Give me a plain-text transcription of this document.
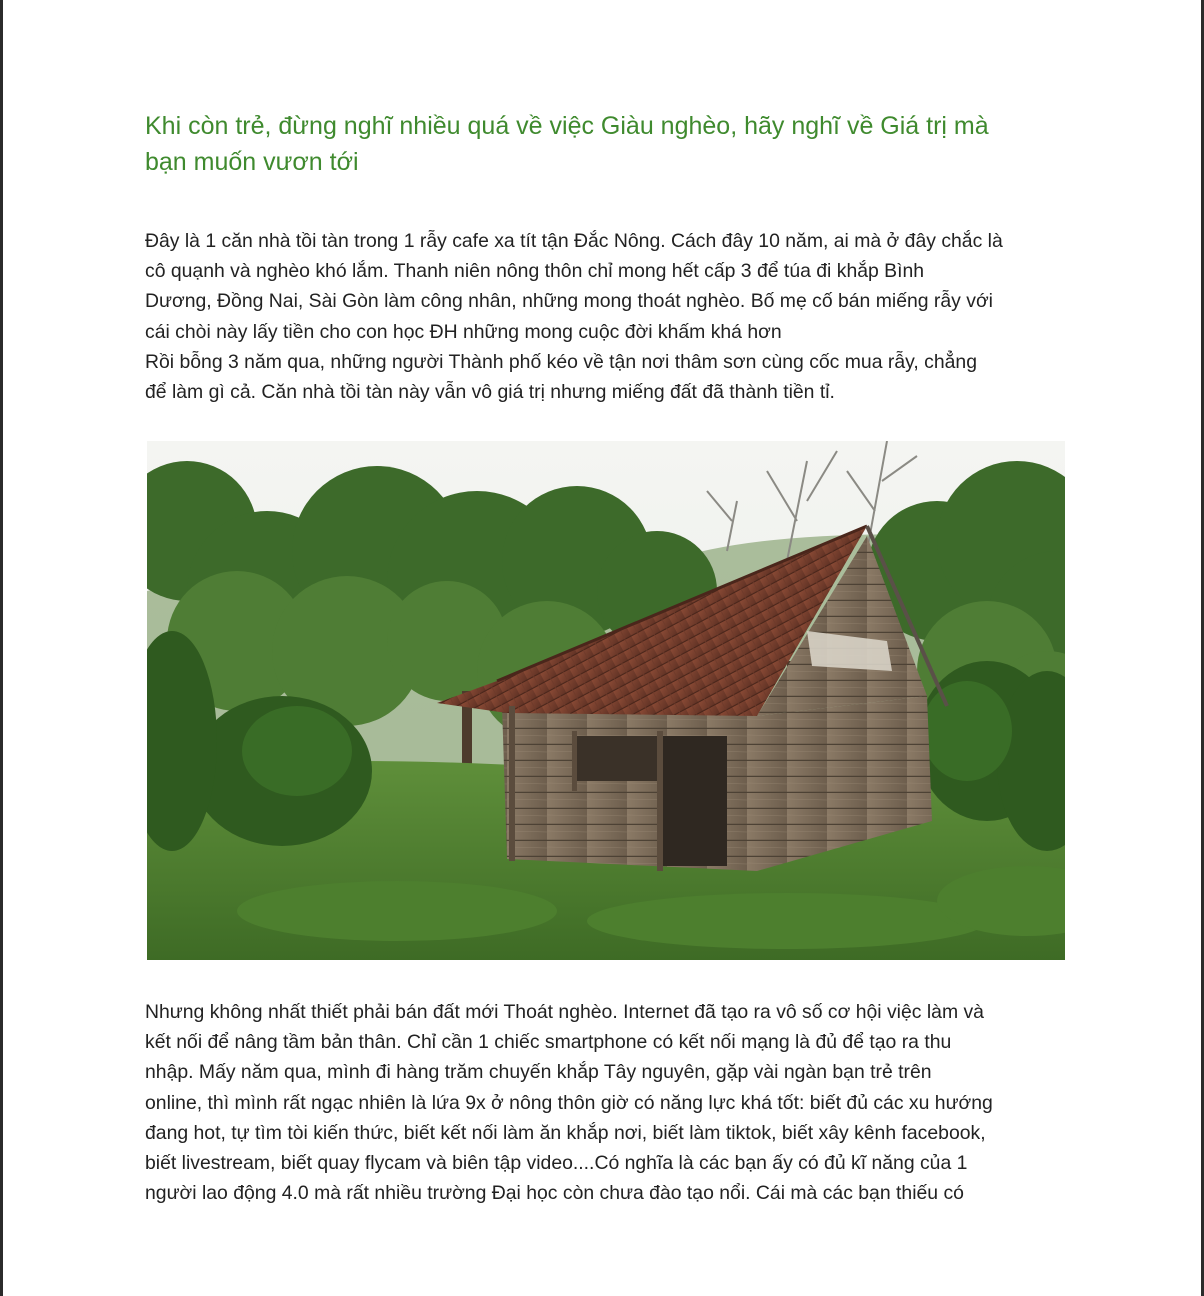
Khi còn trẻ, đừng nghĩ nhiều quá về việc Giàu nghèo, hãy nghĩ về Giá trị mà
bạn muốn vươn tới

Đây là 1 căn nhà tồi tàn trong 1 rẫy cafe xa tít tận Đắc Nông. Cách đây 10 năm, ai mà ở đây chắc là
cô quạnh và nghèo khó lắm. Thanh niên nông thôn chỉ mong hết cấp 3 để túa đi khắp Bình
Dương, Đồng Nai, Sài Gòn làm công nhân, những mong thoát nghèo. Bố mẹ cố bán miếng rẫy với
cái chòi này lấy tiền cho con học ĐH những mong cuộc đời khấm khá hơn
Rồi bỗng 3 năm qua, những người Thành phố kéo về tận nơi thâm sơn cùng cốc mua rẫy, chẳng
để làm gì cả. Căn nhà tồi tàn này vẫn vô giá trị nhưng miếng đất đã thành tiền tỉ.

Nhưng không nhất thiết phải bán đất mới Thoát nghèo. Internet đã tạo ra vô số cơ hội việc làm và
kết nối để nâng tầm bản thân. Chỉ cần 1 chiếc smartphone có kết nối mạng là đủ để tạo ra thu
nhập. Mấy năm qua, mình đi hàng trăm chuyến khắp Tây nguyên, gặp vài ngàn bạn trẻ trên
online, thì mình rất ngạc nhiên là lứa 9x ở nông thôn giờ có năng lực khá tốt: biết đủ các xu hướng
đang hot, tự tìm tòi kiến thức, biết kết nối làm ăn khắp nơi, biết làm tiktok, biết xây kênh facebook,
biết livestream, biết quay flycam và biên tập video....Có nghĩa là các bạn ấy có đủ kĩ năng của 1
người lao động 4.0 mà rất nhiều trường Đại học còn chưa đào tạo nổi. Cái mà các bạn thiếu có
